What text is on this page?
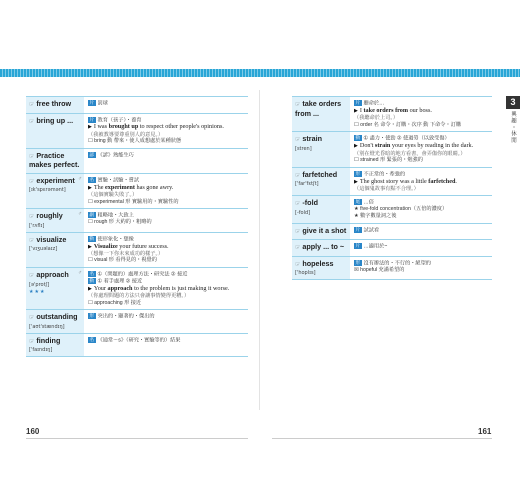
☞ free throw	片 罰球
☞ bring up ...	片 教育（孩子）・養育
▶ I was brought up to respect other people's opinions.
（我被教導要尊重別人的意見。）
☐ bring 動 帶來・使人成想處於某種狀態
☞ Practice makes perfect.
諺 《諺》熟能生巧
☞ experiment
[ɪk'spɛrəmənt]
♂	名 實驗・試驗・嘗試
▶ The experiment has gone awry.
（這個實驗失敗了。）
☐ experimental 形 實驗用的・實驗性的
☞ roughly
['rʌflɪ]
♂	副 粗略地・大致上
☐ rough 形 大約的・粗略的
☞ visualize
['vɪʒuəlaɪz]
動 使形象化・想像
▶ Visualize your future success.
（想像一下你未來成功的樣子。）
☐ visual 形 看得見的・視覺的
☞ approach
[ə'protʃ]
★★★
♂	名 ①（問題的）處理方法・研究法 ② 接近
動 ① 着手處理 ② 接近
▶ Your approach to the problem is just making it worse.
（你處理問題的方法只會讓事情變得更糟。）
☐ approaching 形 接近
☞ outstanding
['aʊt'stændɪŋ]
形 突出的・顯著的・傑出的
☞ finding
['faɪndɪŋ]
名 《通常〜s》（研究・實驗等的）結果
☞ take orders from ...
片 聽命於…
▶ I take orders from our boss.
（我聽命於上司。）
☐ order 名 命令・訂購・次序 動 下命令・訂購
☞ strain
[stren]
動 ① 盡力・使勁 ② 使過勞（以致受傷）
▶ Don't strain your eyes by reading in the dark.
（別在燈光昏暗的地方看書，會弄傷你的眼睛。）
☐ strained 形 緊張的・勉強的
☞ farfetched
['far'fɛtʃt]
形 不正常的・牽強的
▶ The ghost story was a little farfetched.
（這個鬼故事有點不合理。）
☞ -fold
[-fold]
尾 …倍
★ five-fold concentration（五倍的濃度）
★ 數字數量詞之後
☞ give it a shot	片 試試看
☞ apply ... to ~	片 …適用於~
☞ hopeless
['hoplɪs]
形 沒有辦法的・不行的・絕望的
☒ hopeful 充滿希望的
3
興趣・休閒
160	161
